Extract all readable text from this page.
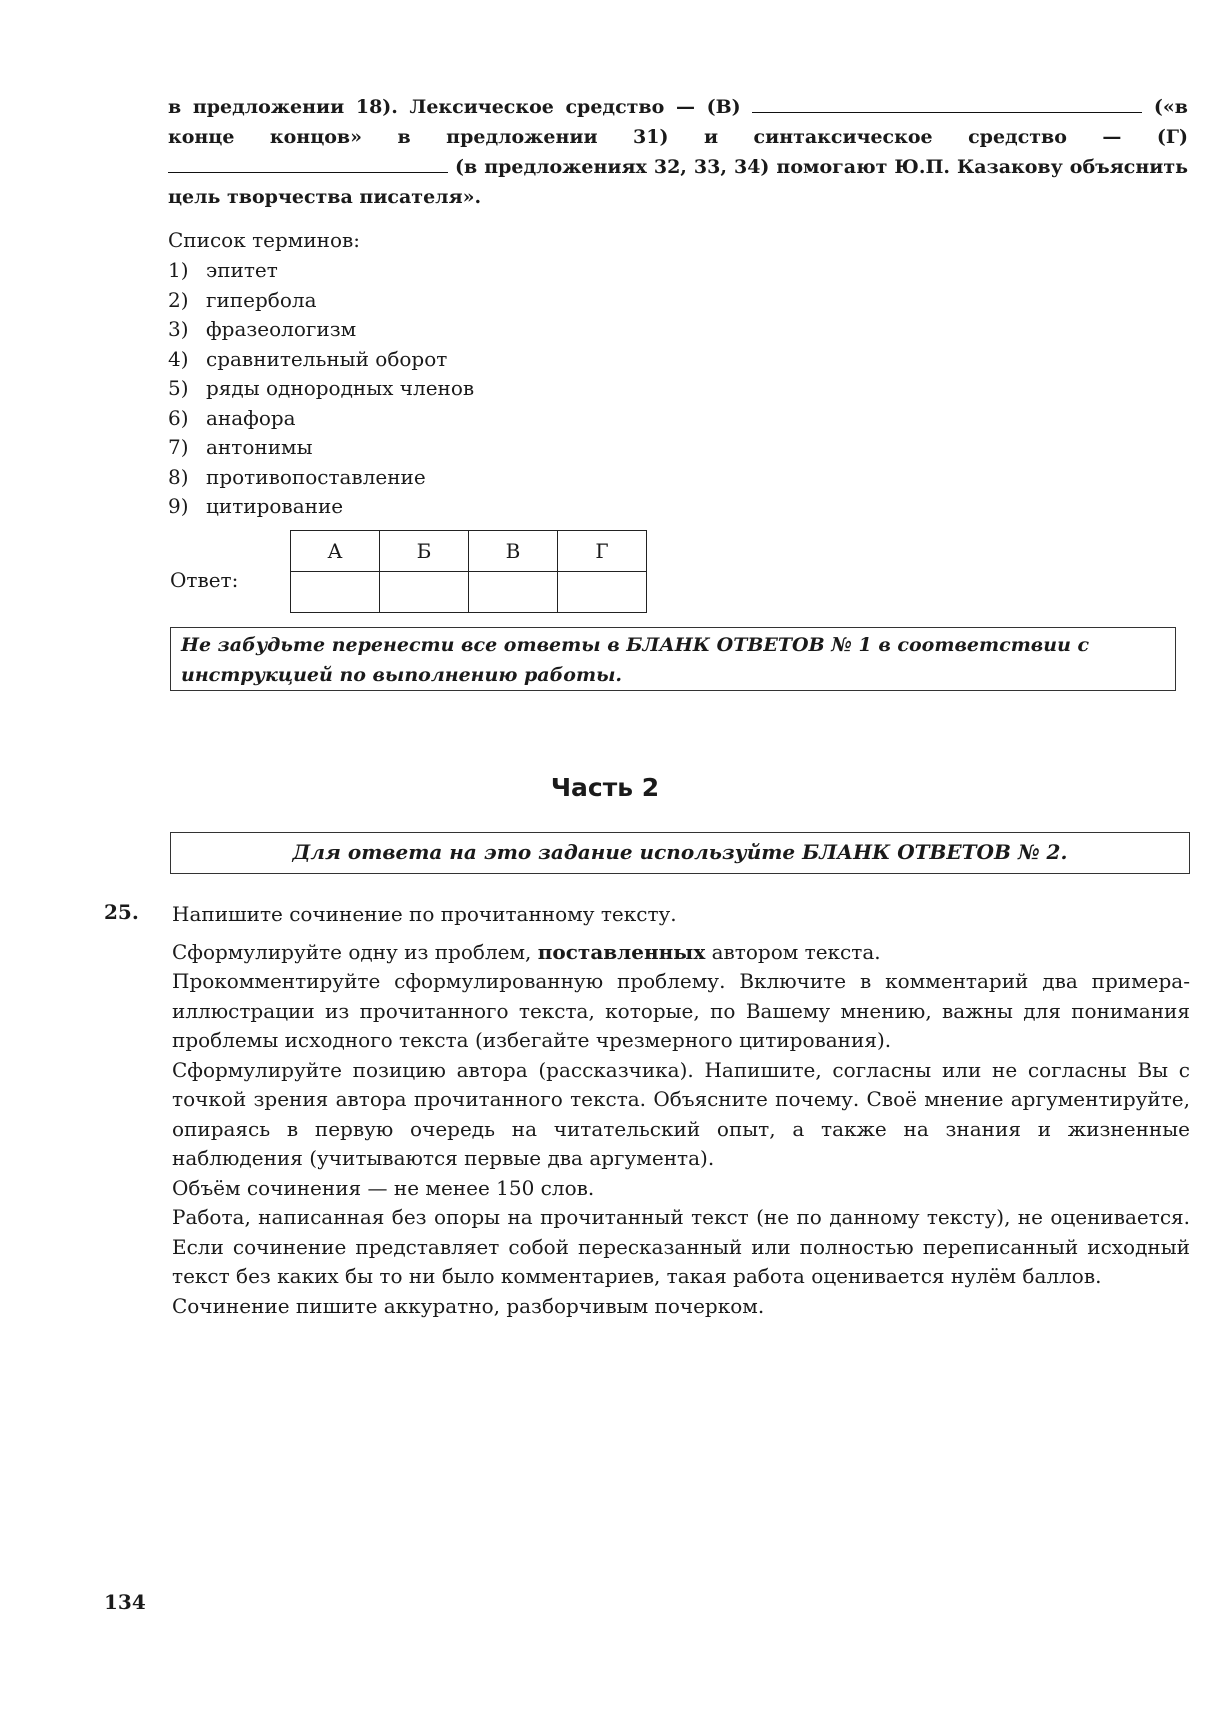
в предложении 18). Лексическое средство — (В)	(«в конце концов» в предложении 31) и синтаксическое средство — (Г)  (в предложениях 32, 33, 34) помогают Ю.П. Казакову объяснить цель творчества писателя».
Список терминов:
1) эпитет
2) гипербола
3) фразеологизм
4) сравнительный оборот
5) ряды однородных членов
6) анафора
7) антонимы
8) противопоставление
9) цитирование
Ответ:
А	Б	В	Г

Не забудьте перенести все ответы в БЛАНК ОТВЕТОВ № 1 в соответствии с инструкцией по выполнению работы.
Часть 2
Для ответа на это задание используйте БЛАНК ОТВЕТОВ № 2.
25. Напишите сочинение по прочитанному тексту.

Сформулируйте одну из проблем, поставленных автором текста.

Прокомментируйте сформулированную проблему. Включите в комментарий два примера-иллюстрации из прочитанного текста, которые, по Вашему мнению, важны для понимания проблемы исходного текста (избегайте чрезмерного цитирования).

Сформулируйте позицию автора (рассказчика). Напишите, согласны или не согласны Вы с точкой зрения автора прочитанного текста. Объясните почему. Своё мнение аргументируйте, опираясь в первую очередь на читательский опыт, а также на знания и жизненные наблюдения (учитываются первые два аргумента).

Объём сочинения — не менее 150 слов.

Работа, написанная без опоры на прочитанный текст (не по данному тексту), не оценивается. Если сочинение представляет собой пересказанный или полностью переписанный исходный текст без каких бы то ни было комментариев, такая работа оценивается нулём баллов.

Сочинение пишите аккуратно, разборчивым почерком.

134
